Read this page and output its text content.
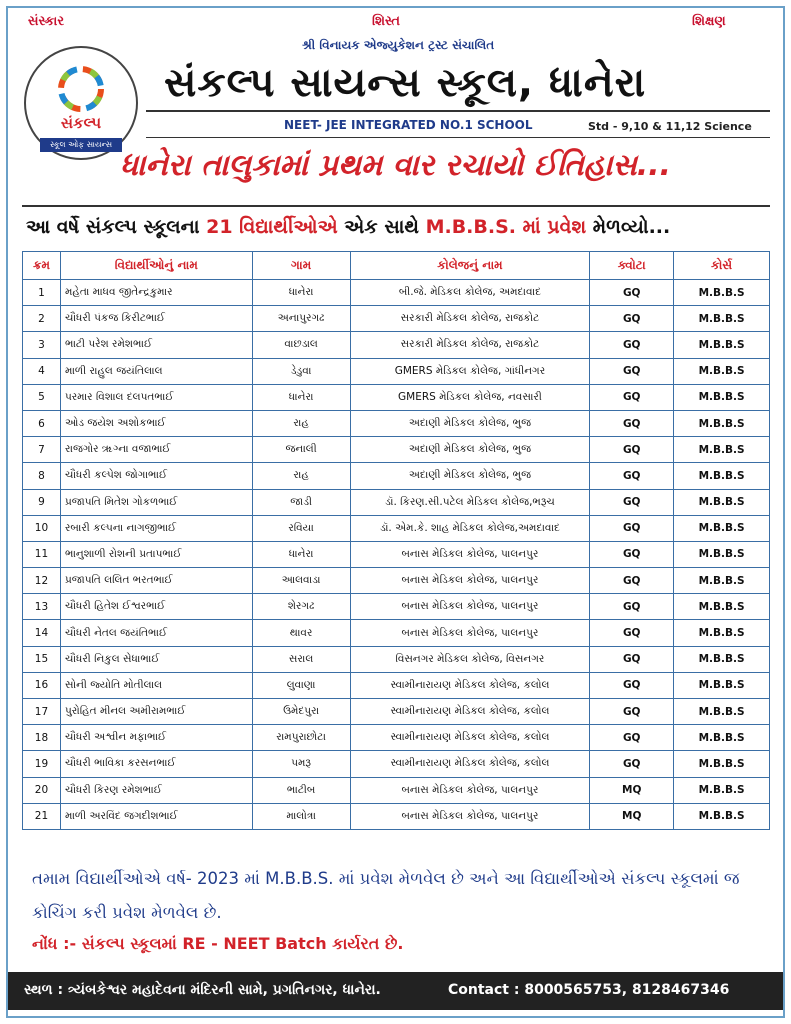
સંસ્કાર	શિસ્ત	શિક્ષણ
સંકલ્પ
સ્કૂલ ઓફ સાયન્સ
શ્રી વિનાયક એજ્યુકેશન ટ્રસ્ટ સંચાલિત
સંકલ્પ સાયન્સ સ્કૂલ, ધાનેરા
NEET- JEE INTEGRATED NO.1 SCHOOL	Std - 9,10 & 11,12 Science
ધાનેરા તાલુકામાં પ્રથમ વાર રચાયો ઈતિહાસ...
આ વર્ષે સંકલ્પ સ્કૂલના 21 વિદ્યાર્થીઓએ એક સાથે M.B.B.S. માં પ્રવેશ મેળવ્યો...
ક્રમ	વિદ્યાર્થીઓનું નામ	ગામ	કોલેજનું નામ	ક્વોટા	કોર્સ
1	મહેતા માધવ જીતેન્દ્રકુમાર	ધાનેરા	બી.જે. મેડિકલ કોલેજ, અમદાવાદ	GQ	M.B.B.S
2	ચૌધરી પંકજ કિરીટભાઈ	અનાપુરગઢ	સરકારી મેડિકલ કોલેજ, રાજકોટ	GQ	M.B.B.S
3	ભાટી પરેશ રમેશભાઈ	વાછડાલ	સરકારી મેડિકલ કોલેજ, રાજકોટ	GQ	M.B.B.S
4	માળી રાહુલ જયંતિલાલ	ડેડુવા	GMERS મેડિકલ કોલેજ, ગાંધીનગર	GQ	M.B.B.S
5	પરમાર વિશાલ દલપતભાઈ	ધાનેરા	GMERS મેડિકલ કોલેજ, નવસારી	GQ	M.B.B.S
6	ઓડ જયેશ અશોકભાઈ	રાહ	અદાણી મેડિકલ કોલેજ, ભુજ	GQ	M.B.B.S
7	રાજગોર ૠગ્ના વજાભાઈ	જનાલી	અદાણી મેડિકલ કોલેજ, ભુજ	GQ	M.B.B.S
8	ચૌધરી કલ્પેશ જોગાભાઈ	રાહ	અદાણી મેડિકલ કોલેજ, ભુજ	GQ	M.B.B.S
9	પ્રજાપતિ મિતેશ ગોકળભાઈ	જાડી	ડૉ. કિરણ.સી.પટેલ મેડિકલ કોલેજ,ભરૂચ	GQ	M.B.B.S
10	રબારી કલ્પના નાગજીભાઈ	રવિયા	ડૉ. એમ.કે. શાહ મેડિકલ કોલેજ,અમદાવાદ	GQ	M.B.B.S
11	ભાનુશાળી રોશની પ્રતાપભાઈ	ધાનેરા	બનાસ મેડિકલ કોલેજ, પાલનપુર	GQ	M.B.B.S
12	પ્રજાપતિ લલિત ભરતભાઈ	આલવાડા	બનાસ મેડિકલ કોલેજ, પાલનપુર	GQ	M.B.B.S
13	ચૌધરી હિતેશ ઈશ્વરભાઈ	શેરગઢ	બનાસ મેડિકલ કોલેજ, પાલનપુર	GQ	M.B.B.S
14	ચૌધરી નેતલ જયંતિભાઈ	થાવર	બનાસ મેડિકલ કોલેજ, પાલનપુર	GQ	M.B.B.S
15	ચૌધરી નિકુલ સેધાભાઈ	સરાલ	વિસનગર મેડિકલ કોલેજ, વિસનગર	GQ	M.B.B.S
16	સોની જ્યોતિ મોતીલાલ	લુવાણા	સ્વામીનારાયણ મેડિકલ કોલેજ, કલોલ	GQ	M.B.B.S
17	પુરોહિત મીનલ અમીરામભાઈ	ઉમેદપુરા	સ્વામીનારાયણ મેડિકલ કોલેજ, કલોલ	GQ	M.B.B.S
18	ચૌધરી અશ્વીન મફાભાઈ	રામપુરાછોટા	સ્વામીનારાયણ મેડિકલ કોલેજ, કલોલ	GQ	M.B.B.S
19	ચૌધરી ભાવિકા કરસનભાઈ	પમરૂ	સ્વામીનારાયણ મેડિકલ કોલેજ, કલોલ	GQ	M.B.B.S
20	ચૌધરી કિરણ રમેશભાઈ	ભાટીબ	બનાસ મેડિકલ કોલેજ, પાલનપુર	MQ	M.B.B.S
21	માળી અરવિંદ જગદીશભાઈ	માલોત્રા	બનાસ મેડિકલ કોલેજ, પાલનપુર	MQ	M.B.B.S
તમામ વિદ્યાર્થીઓએ વર્ષ- 2023 માં M.B.B.S. માં પ્રવેશ મેળવેલ છે અને આ વિદ્યાર્થીઓએ સંકલ્પ સ્કૂલમાં જ કોચિંગ કરી પ્રવેશ મેળવેલ છે.
નોંધ :- સંકલ્પ સ્કૂલમાં RE - NEET Batch કાર્યરત છે.
સ્થળ : ત્ર્યંબકેશ્વર મહાદેવના મંદિરની સામે, પ્રગતિનગર, ધાનેરા.	Contact : 8000565753, 8128467346
